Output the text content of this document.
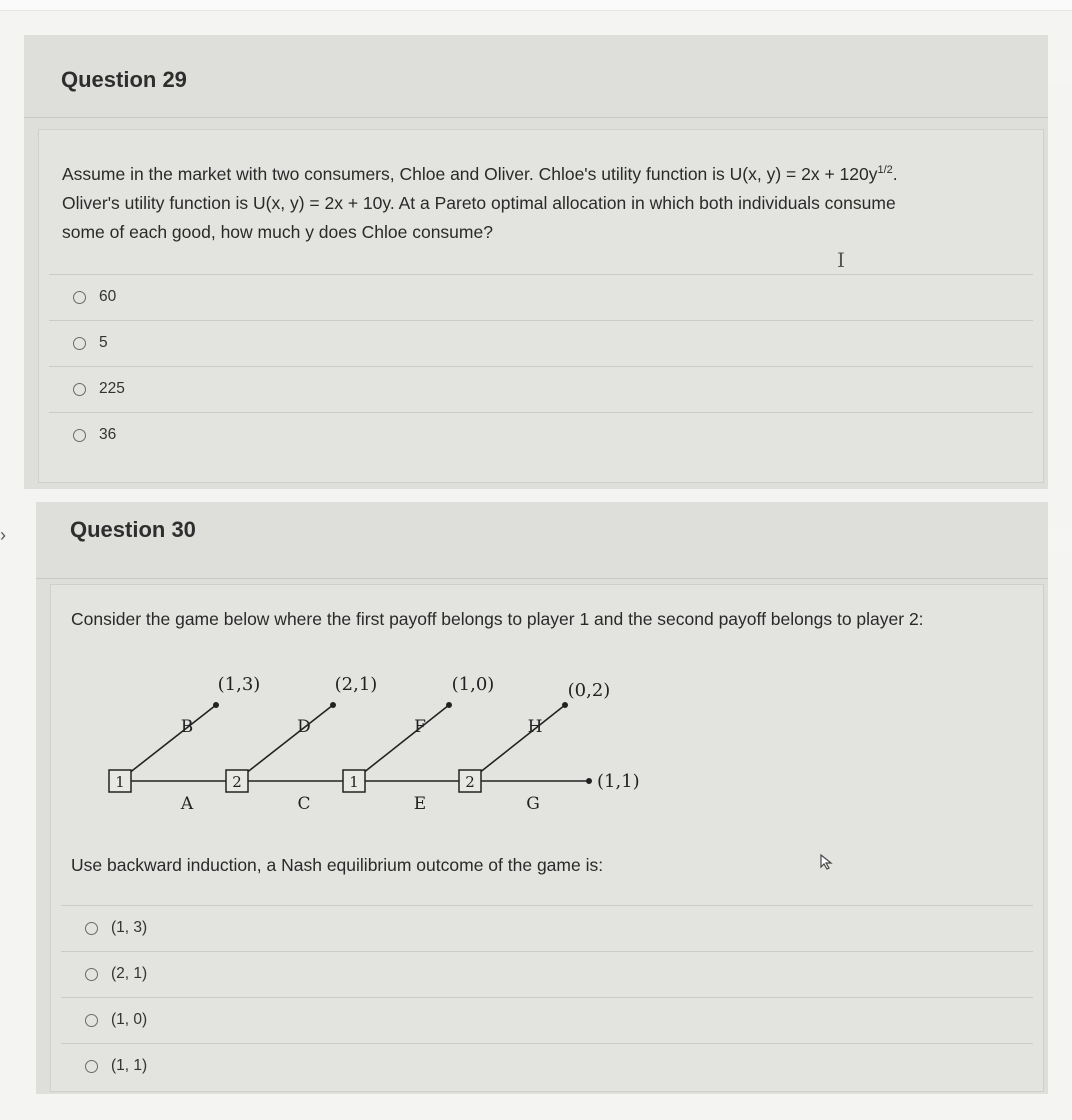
›
Question 29
Assume in the market with two consumers, Chloe and Oliver. Chloe's utility function is U(x, $y) = 2x + 120y^{1/2}$.
Oliver's utility function is U(x, y) = 2x + 10y. At a Pareto optimal allocation in which both individuals consume
some of each good, how much y does Chloe consume?
I
60
5
225
36
Question 30
Consider the game below where the first payoff belongs to player 1 and the second payoff belongs to player 2:
1	2	1	2
A	C	E	G
B	D	F	H
(1,3)	(2,1)	(1,0)	(0,2)
(1,1)
Use backward induction, a Nash equilibrium outcome of the game is:
(1, 3)
(2, 1)
(1, 0)
(1, 1)
